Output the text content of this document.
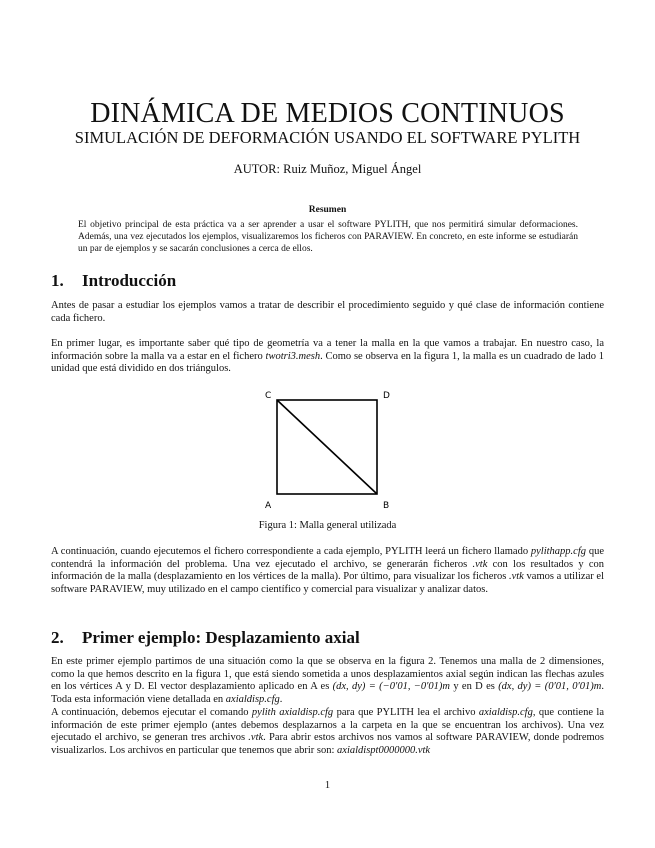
DINÁMICA DE MEDIOS CONTINUOS
SIMULACIÓN DE DEFORMACIÓN USANDO EL SOFTWARE PYLITH
AUTOR: Ruiz Muñoz, Miguel Ángel
Resumen
El objetivo principal de esta práctica va a ser aprender a usar el software PYLITH, que nos permitirá simular deformaciones. Además, una vez ejecutados los ejemplos, visualizaremos los ficheros con PARAVIEW. En concreto, en este informe se estudiarán un par de ejemplos y se sacarán conclusiones a cerca de ellos.
1. Introducción
Antes de pasar a estudiar los ejemplos vamos a tratar de describir el procedimiento seguido y qué clase de información contiene cada fichero.
En primer lugar, es importante saber qué tipo de geometría va a tener la malla en la que vamos a trabajar. En nuestro caso, la información sobre la malla va a estar en el fichero twotri3.mesh. Como se observa en la figura 1, la malla es un cuadrado de lado 1 unidad que está dividido en dos triángulos.
C	D
A	B
Figura 1: Malla general utilizada
A continuación, cuando ejecutemos el fichero correspondiente a cada ejemplo, PYLITH leerá un fichero llamado pylithapp.cfg que contendrá la información del problema. Una vez ejecutado el archivo, se generarán ficheros .vtk con los resultados y con información de la malla (desplazamiento en los vértices de la malla). Por último, para visualizar los ficheros .vtk vamos a utilizar el software PARAVIEW, muy utilizado en el campo científico y comercial para visualizar y analizar datos.
2. Primer ejemplo: Desplazamiento axial
En este primer ejemplo partimos de una situación como la que se observa en la figura 2. Tenemos una malla de 2 dimensiones, como la que hemos descrito en la figura 1, que está siendo sometida a unos desplazamientos axial según indican las flechas azules en los vértices A y D. El vector desplazamiento aplicado en A es (dx, dy) = (−0′01, −0′01)m y en D es (dx, dy) = (0′01, 0′01)m. Toda esta información viene detallada en axialdisp.cfg.
A continuación, debemos ejecutar el comando pylith axialdisp.cfg para que PYLITH lea el archivo axialdisp.cfg, que contiene la información de este primer ejemplo (antes debemos desplazarnos a la carpeta en la que se encuentran los archivos). Una vez ejecutado el archivo, se generan tres archivos .vtk. Para abrir estos archivos nos vamos al software PARAVIEW, donde podremos visualizarlos. Los archivos en particular que tenemos que abrir son: axialdispt0000000.vtk
1
